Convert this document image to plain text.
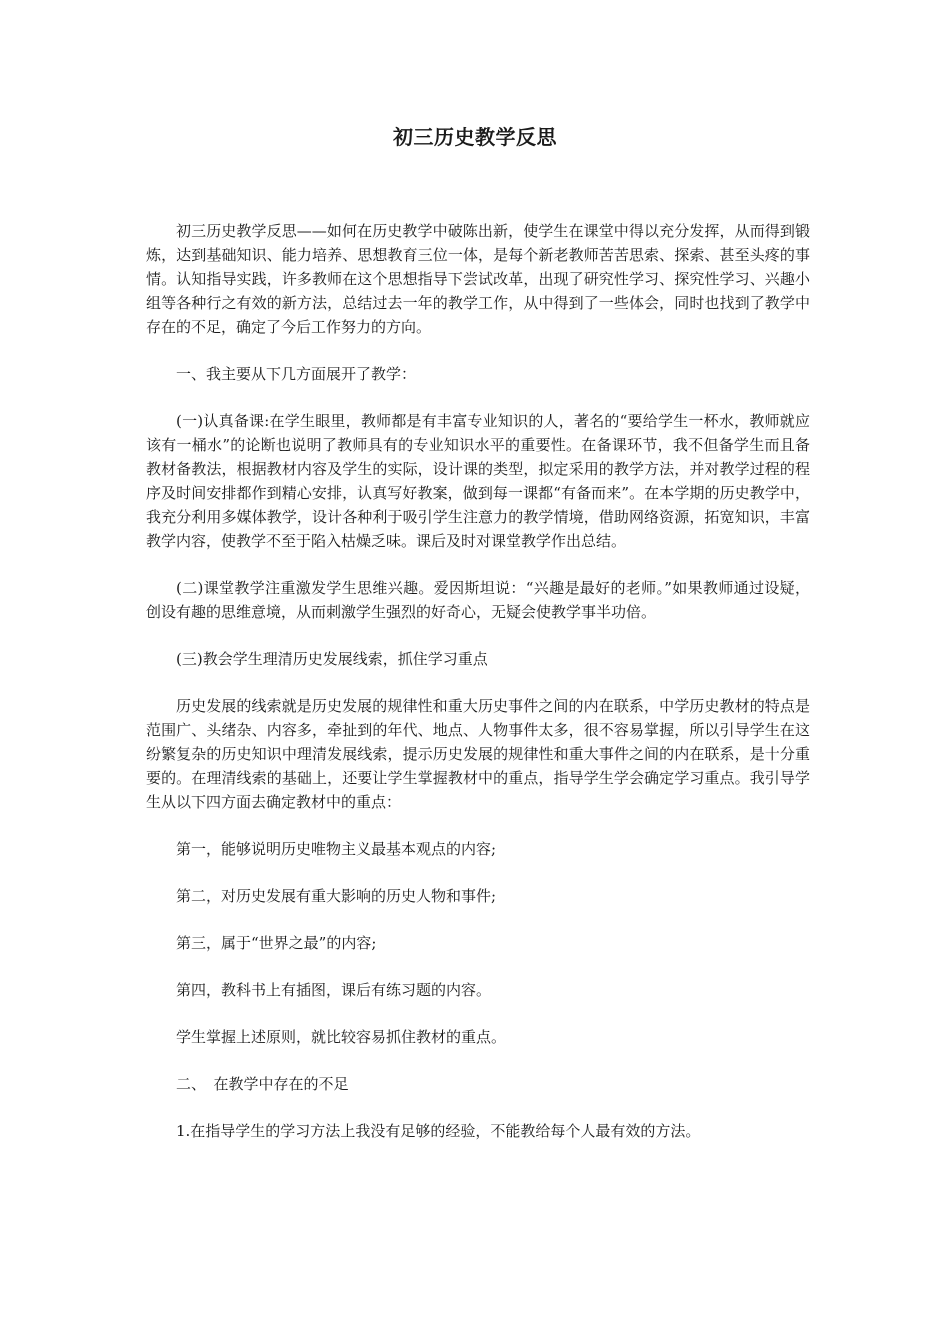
初三历史教学反思

初三历史教学反思——如何在历史教学中破陈出新，使学生在课堂中得以充分发挥，从而得到锻炼，达到基础知识、能力培养、思想教育三位一体，是每个新老教师苦苦思索、探索、甚至头疼的事情。认知指导实践，许多教师在这个思想指导下尝试改革，出现了研究性学习、探究性学习、兴趣小组等各种行之有效的新方法，总结过去一年的教学工作，从中得到了一些体会，同时也找到了教学中存在的不足，确定了今后工作努力的方向。

一、我主要从下几方面展开了教学：

(一)认真备课:在学生眼里，教师都是有丰富专业知识的人，著名的“要给学生一杯水，教师就应该有一桶水”的论断也说明了教师具有的专业知识水平的重要性。在备课环节，我不但备学生而且备教材备教法，根据教材内容及学生的实际，设计课的类型，拟定采用的教学方法，并对教学过程的程序及时间安排都作到精心安排，认真写好教案，做到每一课都“有备而来”。在本学期的历史教学中，我充分利用多媒体教学，设计各种利于吸引学生注意力的教学情境，借助网络资源，拓宽知识，丰富教学内容，使教学不至于陷入枯燥乏味。课后及时对课堂教学作出总结。

(二)课堂教学注重激发学生思维兴趣。爱因斯坦说：“兴趣是最好的老师。”如果教师通过设疑，创设有趣的思维意境，从而刺激学生强烈的好奇心，无疑会使教学事半功倍。

(三)教会学生理清历史发展线索，抓住学习重点

历史发展的线索就是历史发展的规律性和重大历史事件之间的内在联系，中学历史教材的特点是范围广、头绪杂、内容多，牵扯到的年代、地点、人物事件太多，很不容易掌握，所以引导学生在这纷繁复杂的历史知识中理清发展线索，提示历史发展的规律性和重大事件之间的内在联系，是十分重要的。在理清线索的基础上，还要让学生掌握教材中的重点，指导学生学会确定学习重点。我引导学生从以下四方面去确定教材中的重点：

第一，能够说明历史唯物主义最基本观点的内容;

第二，对历史发展有重大影响的历史人物和事件;

第三，属于“世界之最”的内容;

第四，教科书上有插图，课后有练习题的内容。

学生掌握上述原则，就比较容易抓住教材的重点。

二、　在教学中存在的不足

1.在指导学生的学习方法上我没有足够的经验，不能教给每个人最有效的方法。
